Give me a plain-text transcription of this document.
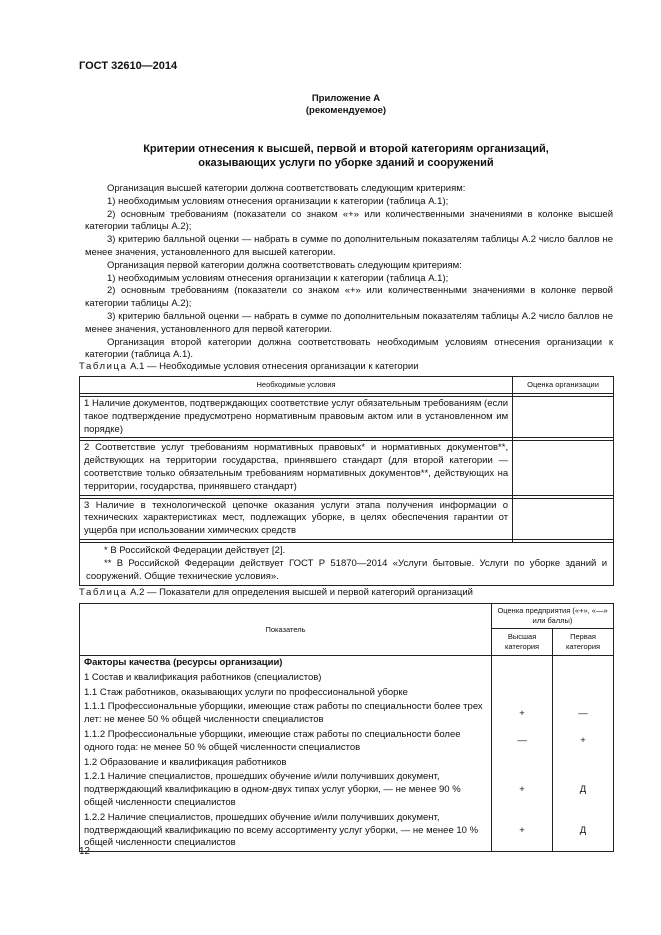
ГОСТ 32610—2014
Приложение А
(рекомендуемое)
Критерии отнесения к высшей, первой и второй категориям организаций,
оказывающих услуги по уборке зданий и сооружений

Организация высшей категории должна соответствовать следующим критериям:

1) необходимым условиям отнесения организации к категории (таблица А.1);

2) основным требованиям (показатели со знаком «+» или количественными значениями в колонке высшей категории таблицы А.2);

3) критерию балльной оценки — набрать в сумме по дополнительным показателям таблицы А.2 число баллов не менее значения, установленного для высшей категории.

Организация первой категории должна соответствовать следующим критериям:

1) необходимым условиям отнесения организации к категории (таблица А.1);

2) основным требованиям (показатели со знаком «+» или количественными значениями в колонке первой категории таблицы А.2);

3) критерию балльной оценки — набрать в сумме по дополнительным показателям таблицы А.2 число баллов не менее значения, установленного для первой категории.

Организация второй категории должна соответствовать необходимым условиям отнесения организации к категории (таблица А.1).

Таблица А.1 — Необходимые условия отнесения организации к категории
Необходимые условия	Оценка организации

1 Наличие документов, подтверждающих соответствие услуг обязательным требованиям (если такое подтверждение предусмотрено нормативным правовым актом или в установленном им порядке)	

2 Соответствие услуг требованиям нормативных правовых* и нормативных документов**, действующих на территории государства, принявшего стандарт (для второй категории — соответствие только обязательным требованиям нормативных документов**, действующих на территории, государства, принявшего стандарт)	

3 Наличие в технологической цепочке оказания услуги этапа получения информации о технических характеристиках мест, подлежащих уборке, в целях обеспечения гарантии от ущерба при использовании химических средств	

* В Российской Федерации действует [2].
** В Российской Федерации действует ГОСТ Р 51870—2014 «Услуги бытовые. Услуги по уборке зданий и сооружений. Общие технические условия».	
Таблица А.2 — Показатели для определения высшей и первой категорий организаций
Показатель	Оценка предприятия («+», «—» или баллы)	
	Высшая категория	Первая категория
Факторы качества (ресурсы организации)		
1 Состав и квалификация работников (специалистов)		
1.1 Стаж работников, оказывающих услуги по профессиональной уборке		
1.1.1 Профессиональные уборщики, имеющие стаж работы по специальности более трех лет: не менее 50 % общей численности специалистов	+	—
1.1.2 Профессиональные уборщики, имеющие стаж работы по специальности более одного года: не менее 50 % общей численности специалистов	—	+
1.2 Образование и квалификация работников		
1.2.1 Наличие специалистов, прошедших обучение и/или получивших документ, подтверждающий квалификацию в одном-двух типах услуг уборки, — не менее 90 % общей численности специалистов	+	Д
1.2.2 Наличие специалистов, прошедших обучение и/или получивших документ, подтверждающий квалификацию по всему ассортименту услуг уборки, — не менее 10 % общей численности специалистов	+	Д
12
